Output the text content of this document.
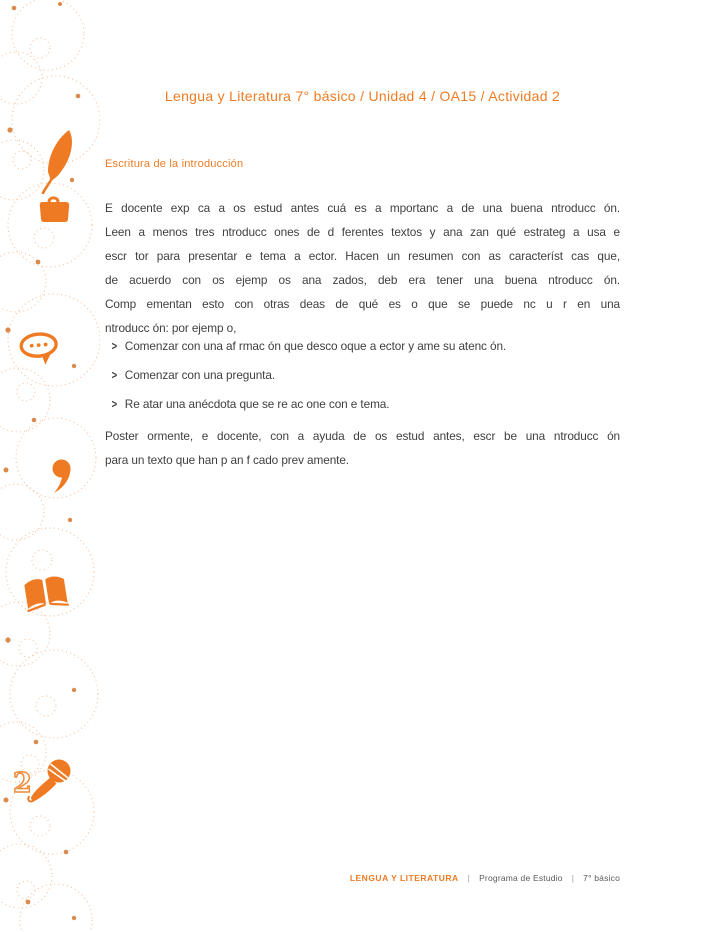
2
Lengua y Literatura 7° básico / Unidad 4 / OA15 / Actividad 2
Escritura de la introducción
E docente exp ca a os estud antes cuá es a mportanc a de una buena ntroducc ón.
Leen a menos tres ntroducc ones de d ferentes textos y ana zan qué estrateg a usa e
escr tor para presentar e tema a ector. Hacen un resumen con as característ cas que,
de acuerdo con os ejemp os ana zados, deb era tener una buena ntroducc ón.
Comp ementan esto con otras deas de qué es o que se puede nc u r en una
ntroducc ón: por ejemp o,
> Comenzar con una af rmac ón que desco oque a ector y ame su atenc ón.
> Comenzar con una pregunta.
> Re atar una anécdota que se re ac one con e tema.
Poster ormente, e docente, con a ayuda de os estud antes, escr be una ntroducc ón
para un texto que han p an f cado prev amente.
LENGUA Y LITERATURA | Programa de Estudio | 7° básico
